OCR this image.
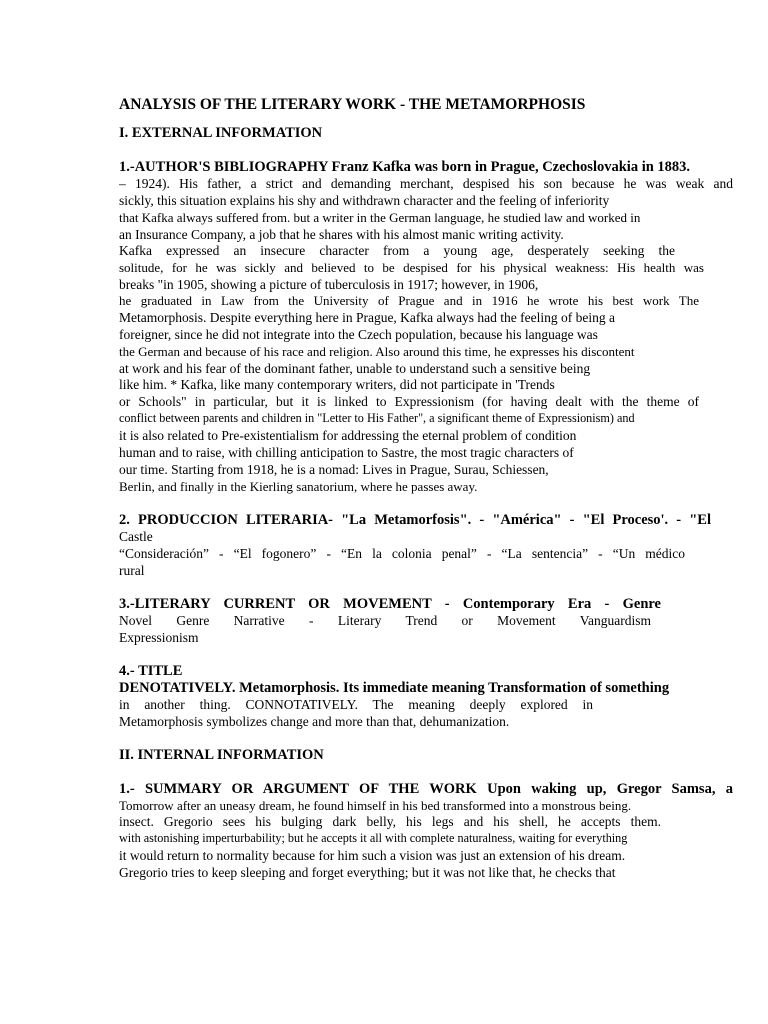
ANALYSIS OF THE LITERARY WORK - THE METAMORPHOSIS
I. EXTERNAL INFORMATION
1.-AUTHOR'S BIBLIOGRAPHY Franz Kafka was born in Prague, Czechoslovakia in 1883.
– 1924). His father, a strict and demanding merchant, despised his son because he was weak and
sickly, this situation explains his shy and withdrawn character and the feeling of inferiority
that Kafka always suffered from. but a writer in the German language, he studied law and worked in
an Insurance Company, a job that he shares with his almost manic writing activity.
Kafka expressed an insecure character from a young age, desperately seeking the
solitude, for he was sickly and believed to be despised for his physical weakness: His health was
breaks "in 1905, showing a picture of tuberculosis in 1917; however, in 1906,
he graduated in Law from the University of Prague and in 1916 he wrote his best work The
Metamorphosis. Despite everything here in Prague, Kafka always had the feeling of being a
foreigner, since he did not integrate into the Czech population, because his language was
the German and because of his race and religion. Also around this time, he expresses his discontent
at work and his fear of the dominant father, unable to understand such a sensitive being
like him. * Kafka, like many contemporary writers, did not participate in 'Trends
or Schools" in particular, but it is linked to Expressionism (for having dealt with the theme of
conflict between parents and children in "Letter to His Father", a significant theme of Expressionism) and
it is also related to Pre-existentialism for addressing the eternal problem of condition
human and to raise, with chilling anticipation to Sastre, the most tragic characters of
our time. Starting from 1918, he is a nomad: Lives in Prague, Surau, Schiessen,
Berlin, and finally in the Kierling sanatorium, where he passes away.
2. PRODUCCIÓN LITERARIA- "La Metamorfosis". - "América" - "El Proceso'. - "El
Castle
“Consideración” - “El fogonero” - “En la colonia penal” - “La sentencia” - “Un médico
rural
3.-LITERARY CURRENT OR MOVEMENT - Contemporary Era - Genre
Novel Genre Narrative - Literary Trend or Movement Vanguardism
Expressionism
4.- TITLE
DENOTATIVELY. Metamorphosis. Its immediate meaning Transformation of something
in another thing. CONNOTATIVELY. The meaning deeply explored in
Metamorphosis symbolizes change and more than that, dehumanization.
II. INTERNAL INFORMATION
1.- SUMMARY OR ARGUMENT OF THE WORK Upon waking up, Gregor Samsa, a
Tomorrow after an uneasy dream, he found himself in his bed transformed into a monstrous being.
insect. Gregorio sees his bulging dark belly, his legs and his shell, he accepts them.
with astonishing imperturbability; but he accepts it all with complete naturalness, waiting for everything
it would return to normality because for him such a vision was just an extension of his dream.
Gregorio tries to keep sleeping and forget everything; but it was not like that, he checks that
